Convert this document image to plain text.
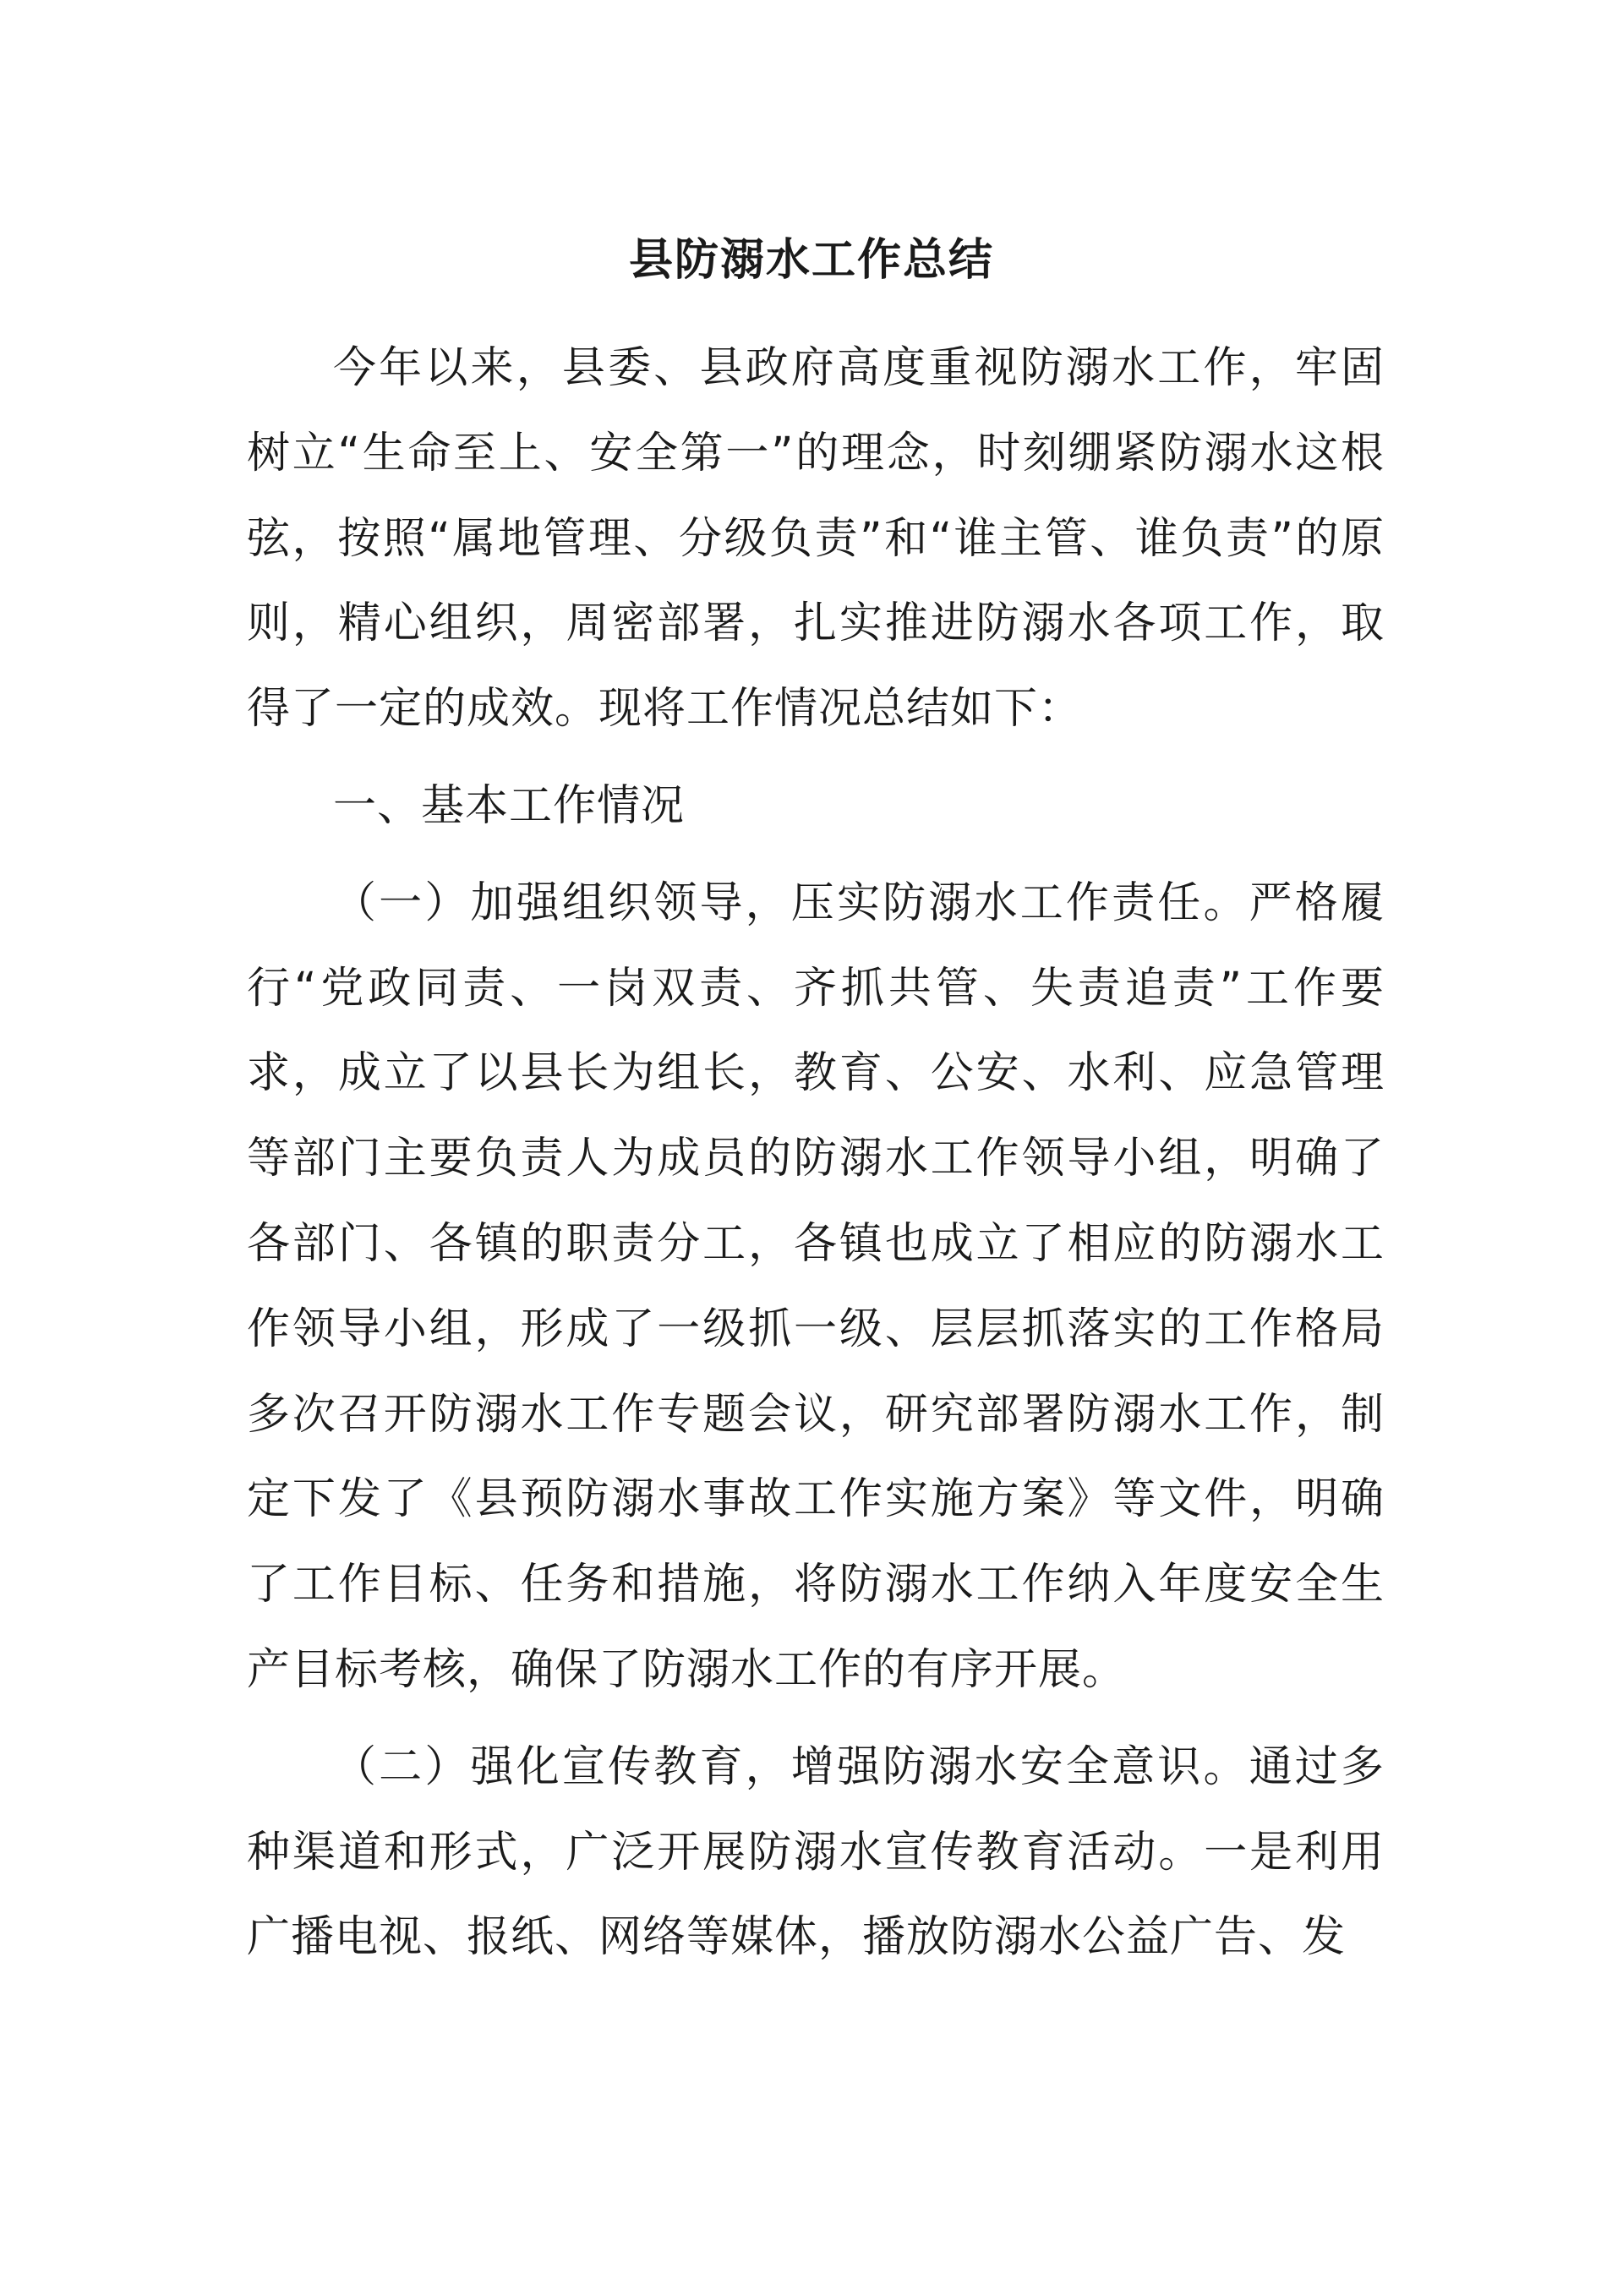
县防溺水工作总结

今年以来，县委、县政府高度重视防溺水工作，牢固树立“生命至上、安全第一”的理念，时刻绷紧防溺水这根弦，按照“属地管理、分级负责”和“谁主管、谁负责”的原则，精心组织，周密部署，扎实推进防溺水各项工作，取得了一定的成效。现将工作情况总结如下：

一、基本工作情况

（一）加强组织领导，压实防溺水工作责任。严格履行“党政同责、一岗双责、齐抓共管、失责追责”工作要求，成立了以县长为组长，教育、公安、水利、应急管理等部门主要负责人为成员的防溺水工作领导小组，明确了各部门、各镇的职责分工，各镇也成立了相应的防溺水工作领导小组，形成了一级抓一级、层层抓落实的工作格局多次召开防溺水工作专题会议，研究部署防溺水工作，制定下发了《县预防溺水事故工作实施方案》等文件，明确了工作目标、任务和措施，将防溺水工作纳入年度安全生产目标考核，确保了防溺水工作的有序开展。

（二）强化宣传教育，增强防溺水安全意识。通过多种渠道和形式，广泛开展防溺水宣传教育活动。一是利用广播电视、报纸、网络等媒体，播放防溺水公益广告、发
